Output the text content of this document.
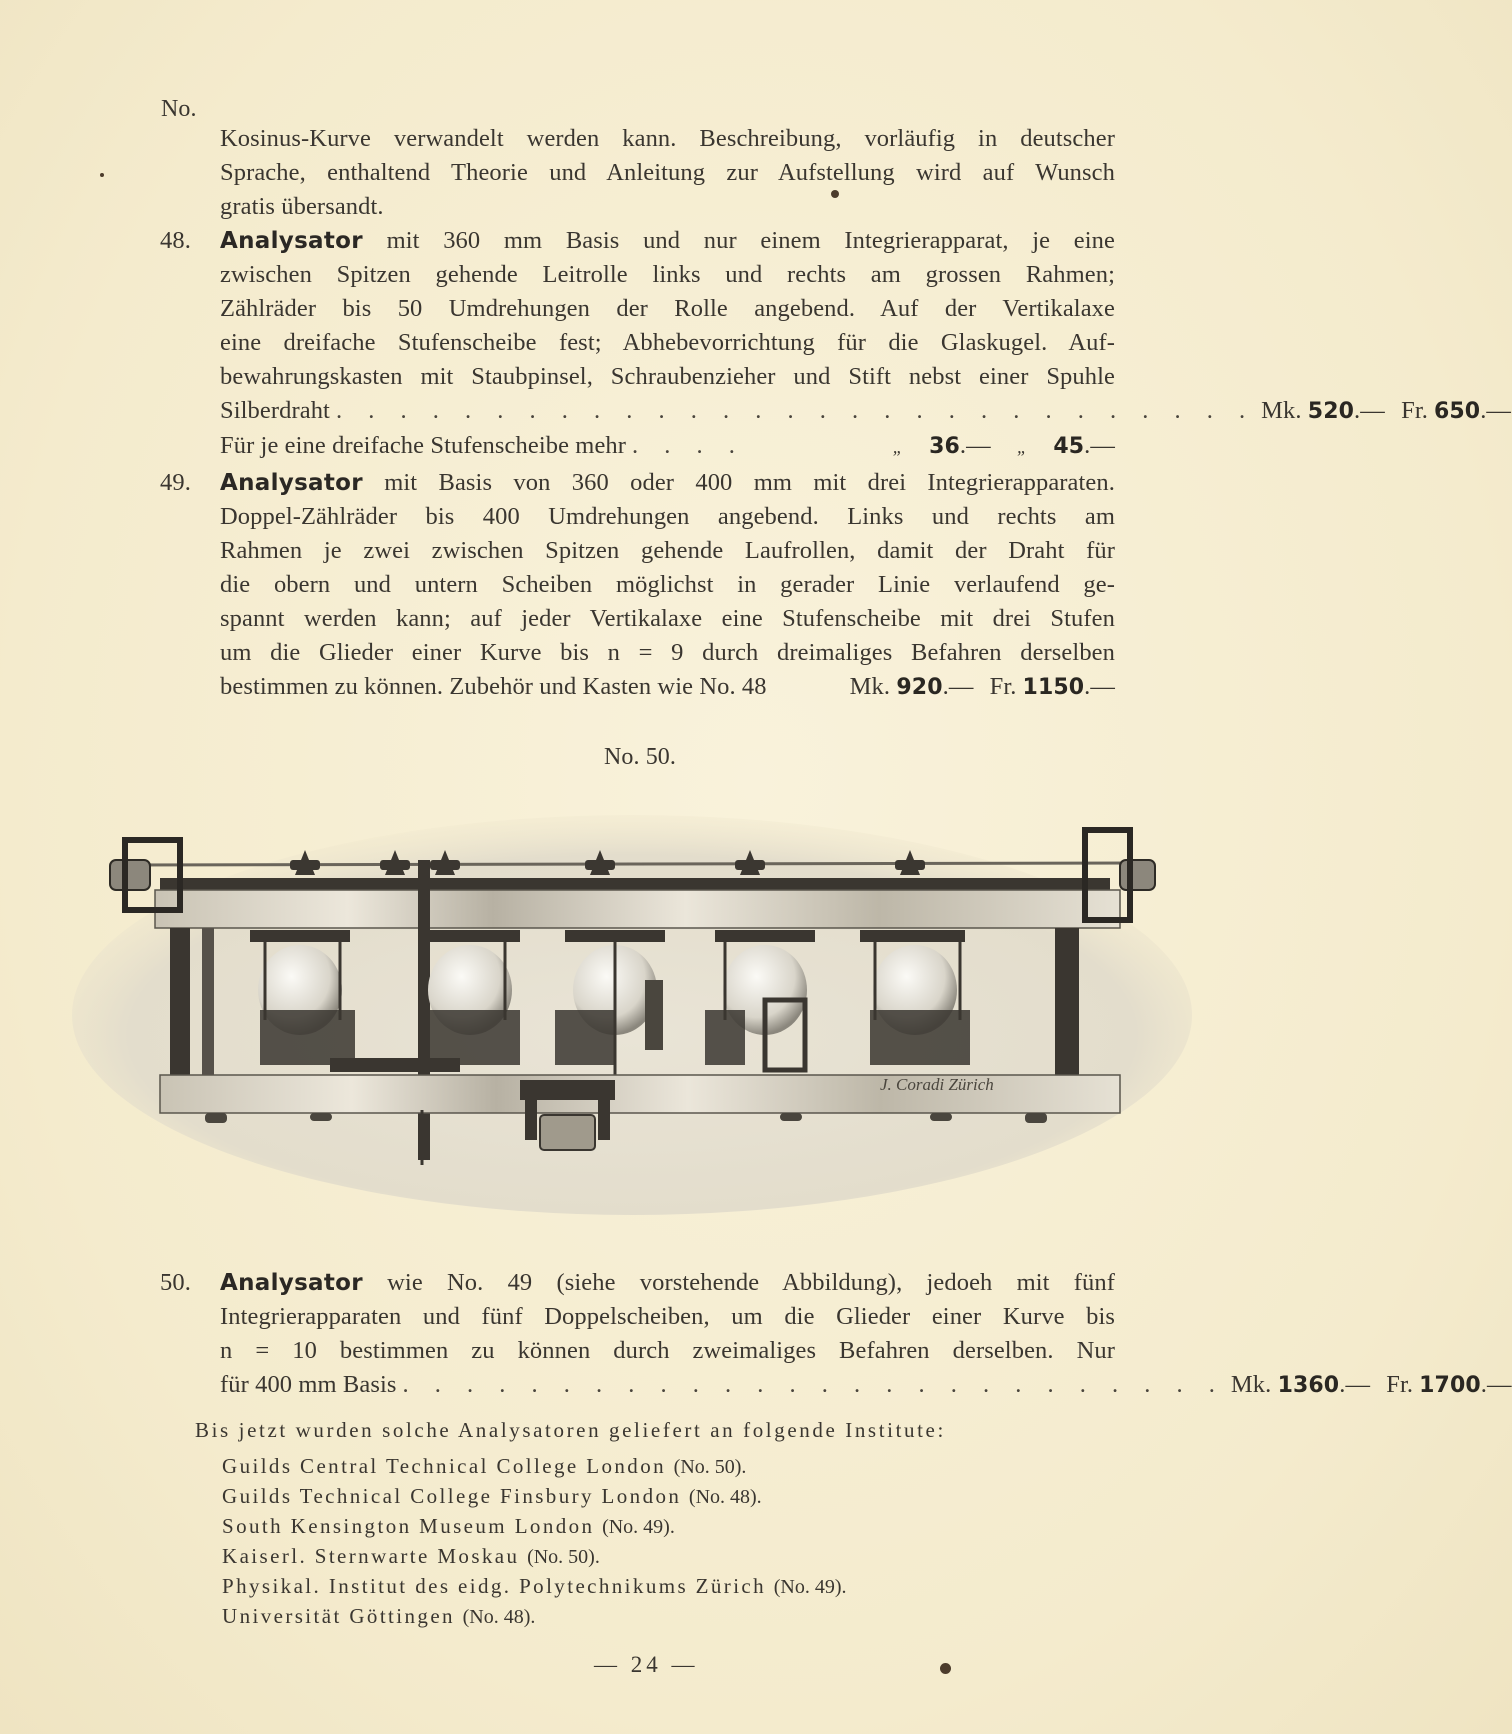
No.
Kosinus-Kurve verwandelt werden kann. Beschreibung, vorläufig in deutscher
Sprache, enthaltend Theorie und Anleitung zur Aufstellung wird auf Wunsch
gratis übersandt.
48.	Analysator mit 360 mm Basis und nur einem Integrierapparat, je eine
zwischen Spitzen gehende Leitrolle links und rechts am grossen Rahmen;
Zählräder bis 50 Umdrehungen der Rolle angebend. Auf der Vertikalaxe
eine dreifache Stufenscheibe fest; Abhebevorrichtung für die Glaskugel. Auf-
bewahrungskasten mit Staubpinsel, Schraubenzieher und Stift nebst einer Spuhle
Silberdraht . . . . . . . . . . . . . . . . . . . . . . . . . . . . . Mk. 520.— Fr. 650.—
Für je eine dreifache Stufenscheibe mehr . . . .	„ 36.— „ 45.—
49.	Analysator mit Basis von 360 oder 400 mm mit drei Integrierapparaten.
Doppel-Zählräder bis 400 Umdrehungen angebend. Links und rechts am
Rahmen je zwei zwischen Spitzen gehende Laufrollen, damit der Draht für
die obern und untern Scheiben möglichst in gerader Linie verlaufend ge-
spannt werden kann; auf jeder Vertikalaxe eine Stufenscheibe mit drei Stufen
um die Glieder einer Kurve bis n = 9 durch dreimaliges Befahren derselben
bestimmen zu können. Zubehör und Kasten wie No. 48	Mk. 920.— Fr. 1150.—
No. 50.
J. Coradi Zürich
50.	Analysator wie No. 49 (siehe vorstehende Abbildung), jedoeh mit fünf
Integrierapparaten und fünf Doppelscheiben, um die Glieder einer Kurve bis
n = 10 bestimmen zu können durch zweimaliges Befahren derselben. Nur
für 400 mm Basis . . . . . . . . . . . . . . . . . . . . . . . . . . Mk. 1360.— Fr. 1700.—
Bis jetzt wurden solche Analysatoren geliefert an folgende Institute:
Guilds Central Technical College London (No. 50).
Guilds Technical College Finsbury London (No. 48).
South Kensington Museum London (No. 49).
Kaiserl. Sternwarte Moskau (No. 50).
Physikal. Institut des eidg. Polytechnikums Zürich (No. 49).
Universität Göttingen (No. 48).
— 24 —
